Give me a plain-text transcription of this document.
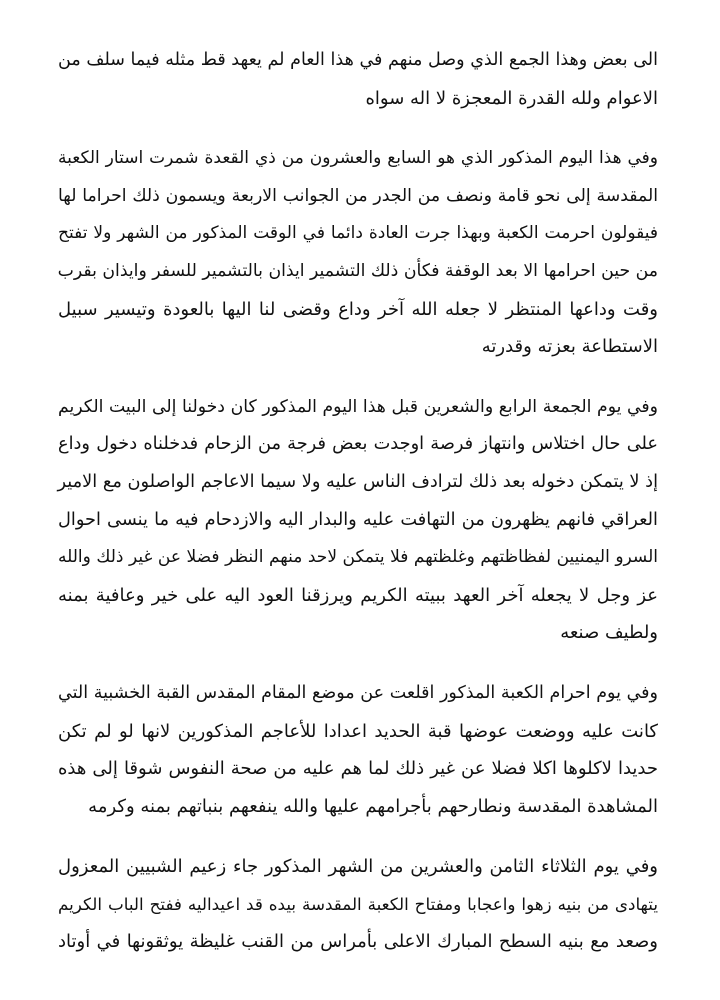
الى بعض وهذا الجمع الذي وصل منهم في هذا العام لم يعهد قط مثله فيما سلف من
الاعوام ولله القدرة المعجزة لا اله سواه

وفي هذا اليوم المذكور الذي هو السابع والعشرون من ذي القعدة شمرت استار الكعبة
المقدسة إلى نحو قامة ونصف من الجدر من الجوانب الاربعة ويسمون ذلك احراما لها
فيقولون احرمت الكعبة وبهذا جرت العادة دائما في الوقت المذكور من الشهر ولا تفتح
من حين احرامها الا بعد الوقفة فكأن ذلك التشمير ايذان بالتشمير للسفر وايذان بقرب
وقت وداعها المنتظر لا جعله الله آخر وداع وقضى لنا اليها بالعودة وتيسير سبيل
الاستطاعة بعزته وقدرته

وفي يوم الجمعة الرابع والشعرين قبل هذا اليوم المذكور كان دخولنا إلى البيت الكريم
على حال اختلاس وانتهاز فرصة اوجدت بعض فرجة من الزحام فدخلناه دخول وداع
إذ لا يتمكن دخوله بعد ذلك لترادف الناس عليه ولا سيما الاعاجم الواصلون مع الامير
العراقي فانهم يظهرون من التهافت عليه والبدار اليه والازدحام فيه ما ينسى احوال
السرو اليمنيين لفظاظتهم وغلظتهم فلا يتمكن لاحد منهم النظر فضلا عن غير ذلك والله
عز وجل لا يجعله آخر العهد ببيته الكريم ويرزقنا العود اليه على خير وعافية بمنه
ولطيف صنعه

وفي يوم احرام الكعبة المذكور اقلعت عن موضع المقام المقدس القبة الخشبية التي
كانت عليه ووضعت عوضها قبة الحديد اعدادا للأعاجم المذكورين لانها لو لم تكن
حديدا لاكلوها اكلا فضلا عن غير ذلك لما هم عليه من صحة النفوس شوقا إلى هذه
المشاهدة المقدسة ونطارحهم بأجرامهم عليها والله ينفعهم بنباتهم بمنه وكرمه

وفي يوم الثلاثاء الثامن والعشرين من الشهر المذكور جاء زعيم الشبيين المعزول
يتهادى من بنيه زهوا واعجابا ومفتاح الكعبة المقدسة بيده قد اعيداليه ففتح الباب الكريم
وصعد مع بنيه السطح المبارك الاعلى بأمراس من القنب غليظة يوثقونها في أوتاد
